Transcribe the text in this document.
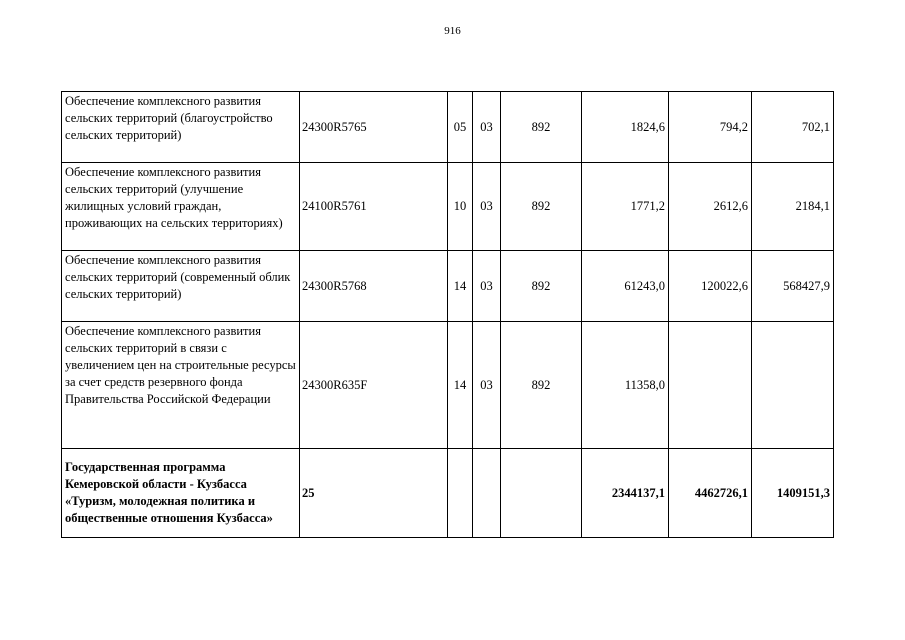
916
Обеспечение комплексного развития сельских территорий (благоустройство сельских территорий)	24300R5765	05	03	892	1824,6	794,2	702,1
Обеспечение комплексного развития сельских территорий (улучшение жилищных условий граждан, проживающих на сельских территориях)	24100R5761	10	03	892	1771,2	2612,6	2184,1
Обеспечение комплексного развития сельских территорий (современный облик сельских территорий)	24300R5768	14	03	892	61243,0	120022,6	568427,9
Обеспечение комплексного развития сельских территорий в связи с увеличением цен на строительные ресурсы за счет средств резервного фонда Правительства Российской Федерации	24300R635F	14	03	892	11358,0		
Государственная программа Кемеровской области - Кузбасса «Туризм, молодежная политика и общественные отношения Кузбасса»	25				2344137,1	4462726,1	1409151,3
